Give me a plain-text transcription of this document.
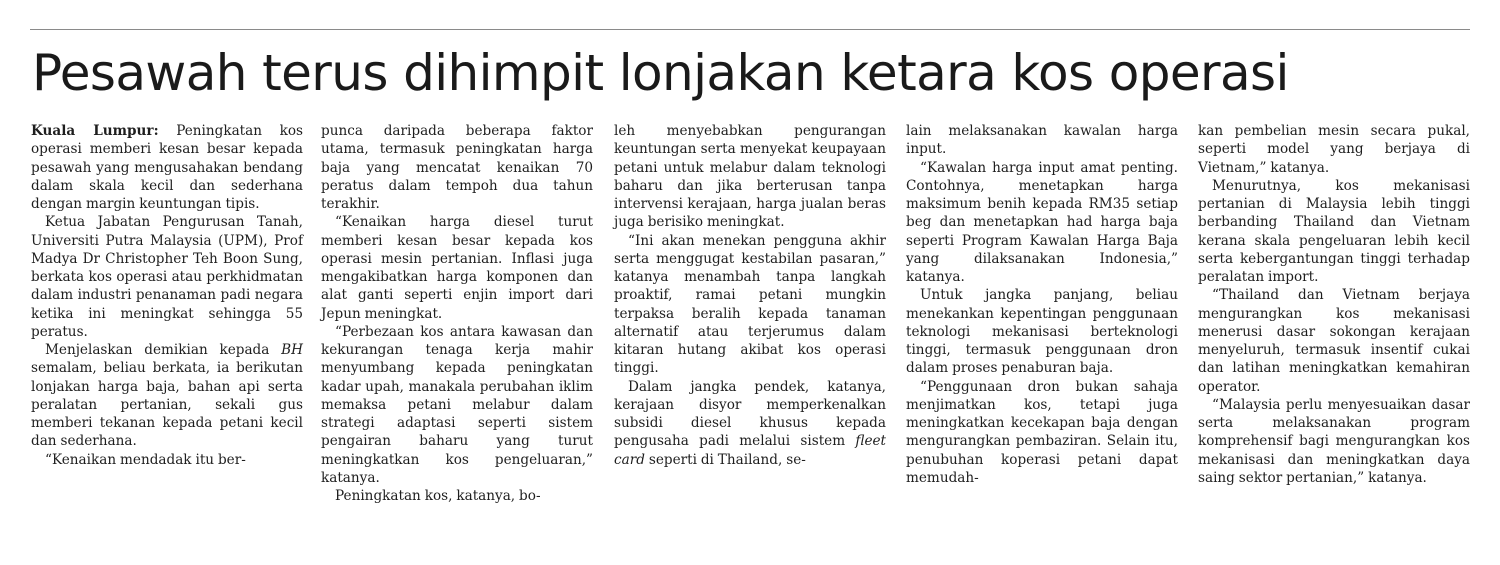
Pesawah terus dihimpit lonjakan ketara kos operasi

Kuala Lumpur: Peningkatan kos operasi memberi kesan besar kepada pesawah yang mengusahakan bendang dalam skala kecil dan sederhana dengan margin keuntungan tipis.

Ketua Jabatan Pengurusan Tanah, Universiti Putra Malaysia (UPM), Prof Madya Dr Christopher Teh Boon Sung, berkata kos operasi atau perkhidmatan dalam industri penanaman padi negara ketika ini meningkat sehingga 55 peratus.

Menjelaskan demikian kepada BH semalam, beliau berkata, ia berikutan lonjakan harga baja, bahan api serta peralatan pertanian, sekali gus memberi tekanan kepada petani kecil dan sederhana.

“Kenaikan mendadak itu ber-

punca daripada beberapa faktor utama, termasuk peningkatan harga baja yang mencatat kenaikan 70 peratus dalam tempoh dua tahun terakhir.

“Kenaikan harga diesel turut memberi kesan besar kepada kos operasi mesin pertanian. Inflasi juga mengakibatkan harga komponen dan alat ganti seperti enjin import dari Jepun meningkat.

“Perbezaan kos antara kawasan dan kekurangan tenaga kerja mahir menyumbang kepada peningkatan kadar upah, manakala perubahan iklim memaksa petani melabur dalam strategi adaptasi seperti sistem pengairan baharu yang turut meningkatkan kos pengeluaran,” katanya.

Peningkatan kos, katanya, bo-

leh menyebabkan pengurangan keuntungan serta menyekat keupayaan petani untuk melabur dalam teknologi baharu dan jika berterusan tanpa intervensi kerajaan, harga jualan beras juga berisiko meningkat.

“Ini akan menekan pengguna akhir serta menggugat kestabilan pasaran,” katanya menambah tanpa langkah proaktif, ramai petani mungkin terpaksa beralih kepada tanaman alternatif atau terjerumus dalam kitaran hutang akibat kos operasi tinggi.

Dalam jangka pendek, katanya, kerajaan disyor memperkenalkan subsidi diesel khusus kepada pengusaha padi melalui sistem fleet card seperti di Thailand, se-

lain melaksanakan kawalan harga input.

“Kawalan harga input amat penting. Contohnya, menetapkan harga maksimum benih kepada RM35 setiap beg dan menetapkan had harga baja seperti Program Kawalan Harga Baja yang dilaksanakan Indonesia,” katanya.

Untuk jangka panjang, beliau menekankan kepentingan penggunaan teknologi mekanisasi berteknologi tinggi, termasuk penggunaan dron dalam proses penaburan baja.

“Penggunaan dron bukan sahaja menjimatkan kos, tetapi juga meningkatkan kecekapan baja dengan mengurangkan pembaziran. Selain itu, penubuhan koperasi petani dapat memudah-

kan pembelian mesin secara pukal, seperti model yang berjaya di Vietnam,” katanya.

Menurutnya, kos mekanisasi pertanian di Malaysia lebih tinggi berbanding Thailand dan Vietnam kerana skala pengeluaran lebih kecil serta kebergantungan tinggi terhadap peralatan import.

“Thailand dan Vietnam berjaya mengurangkan kos mekanisasi menerusi dasar sokongan kerajaan menyeluruh, termasuk insentif cukai dan latihan meningkatkan kemahiran operator.

“Malaysia perlu menyesuaikan dasar serta melaksanakan program komprehensif bagi mengurangkan kos mekanisasi dan meningkatkan daya saing sektor pertanian,” katanya.
